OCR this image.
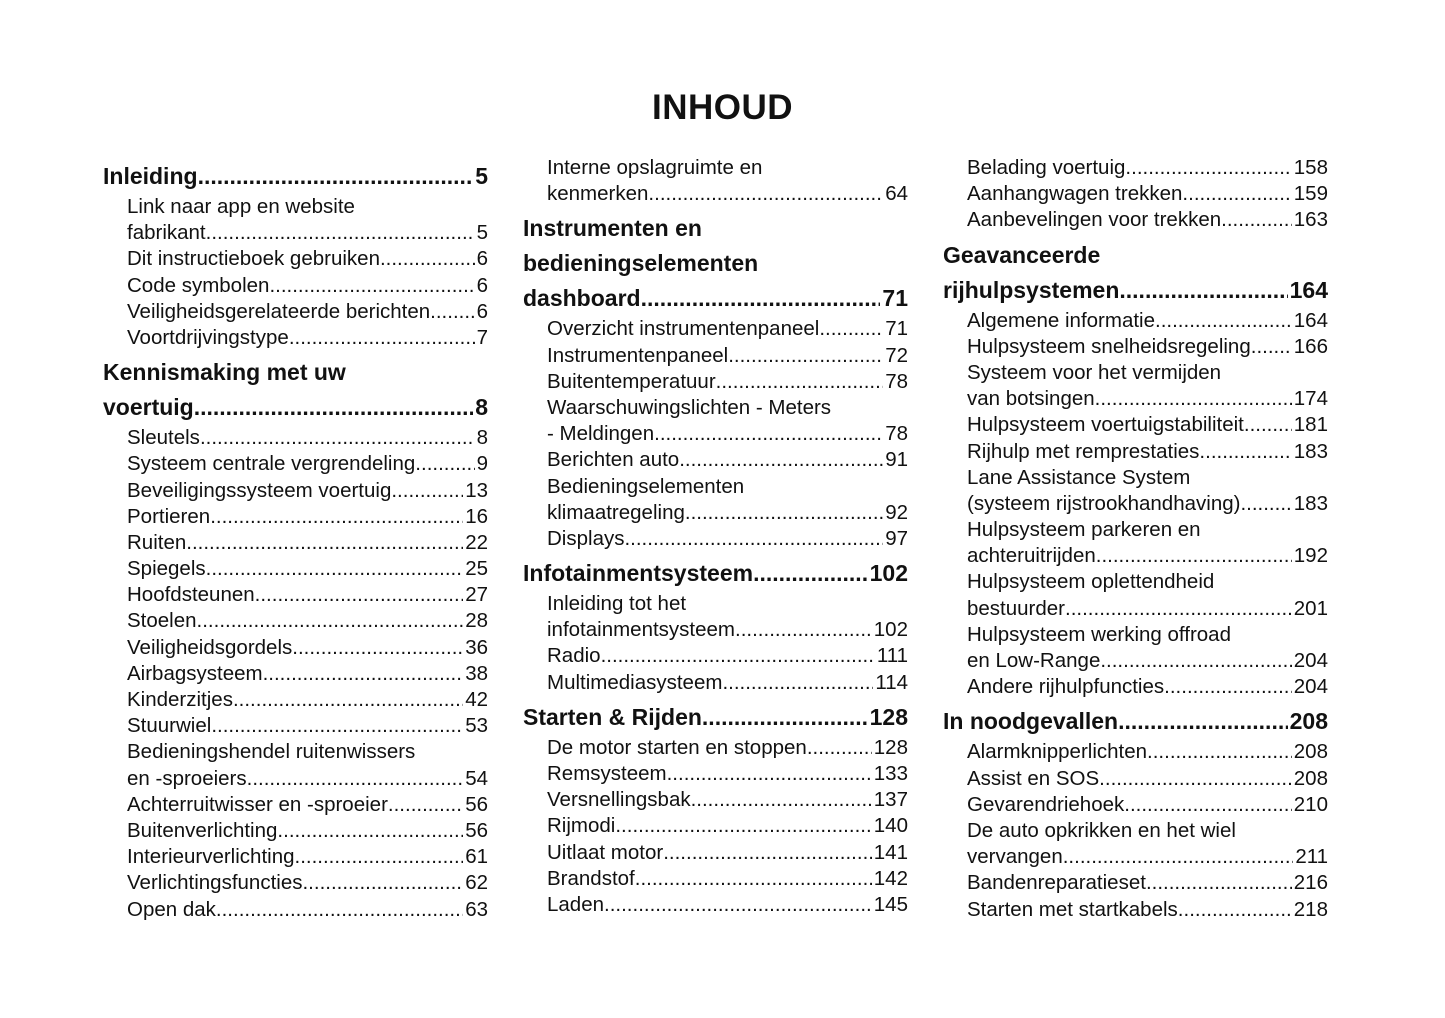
INHOUD
Inleiding .....	5
Link naar app en website
fabrikant .....	5
Dit instructieboek gebruiken .....	6
Code symbolen .....	6
Veiligheidsgerelateerde berichten ..... 6
Voortdrijvingstype .....	7
Kennismaking met uw
voertuig .....	8
Sleutels .....	8
Systeem centrale vergrendeling .....	9
Beveiligingssysteem voertuig .....	13
Portieren .....	16
Ruiten .....	22
Spiegels .....	25
Hoofdsteunen .....	27
Stoelen .....	28
Veiligheidsgordels .....	36
Airbagsysteem .....	38
Kinderzitjes .....	42
Stuurwiel .....	53
Bedieningshendel ruitenwissers
en -sproeiers .....	54
Achterruitwisser en -sproeier .....	56
Buitenverlichting .....	56
Interieurverlichting .....	61
Verlichtingsfuncties .....	62
Open dak .....	63
Interne opslagruimte en
kenmerken .....	64
Instrumenten en
bedieningselementen
dashboard .....	71
Overzicht instrumentenpaneel .....	71
Instrumentenpaneel .....	72
Buitentemperatuur .....	78
Waarschuwingslichten - Meters
- Meldingen .....	78
Berichten auto .....	91
Bedieningselementen
klimaatregeling .....	92
Displays .....	97
Infotainmentsysteem .....	102
Inleiding tot het
infotainmentsysteem .....	102
Radio .....	111
Multimediasysteem .....	114
Starten & Rijden .....	128
De motor starten en stoppen .....	128
Remsysteem .....	133
Versnellingsbak .....	137
Rijmodi .....	140
Uitlaat motor .....	141
Brandstof .....	142
Laden .....	145
Belading voertuig .....	158
Aanhangwagen trekken .....	159
Aanbevelingen voor trekken .....	163
Geavanceerde
rijhulpsystemen .....	164
Algemene informatie .....	164
Hulpsysteem snelheidsregeling ..... 166
Systeem voor het vermijden
van botsingen .....	174
Hulpsysteem voertuigstabiliteit ..... 181
Rijhulp met remprestaties .....	183
Lane Assistance System
(systeem rijstrookhandhaving) .....	183
Hulpsysteem parkeren en
achteruitrijden .....	192
Hulpsysteem oplettendheid
bestuurder .....	201
Hulpsysteem werking offroad
en Low-Range .....	204
Andere rijhulpfuncties .....	204
In noodgevallen .....	208
Alarmknipperlichten .....	208
Assist en SOS .....	208
Gevarendriehoek .....	210
De auto opkrikken en het wiel
vervangen .....	211
Bandenreparatieset .....	216
Starten met startkabels .....	218
